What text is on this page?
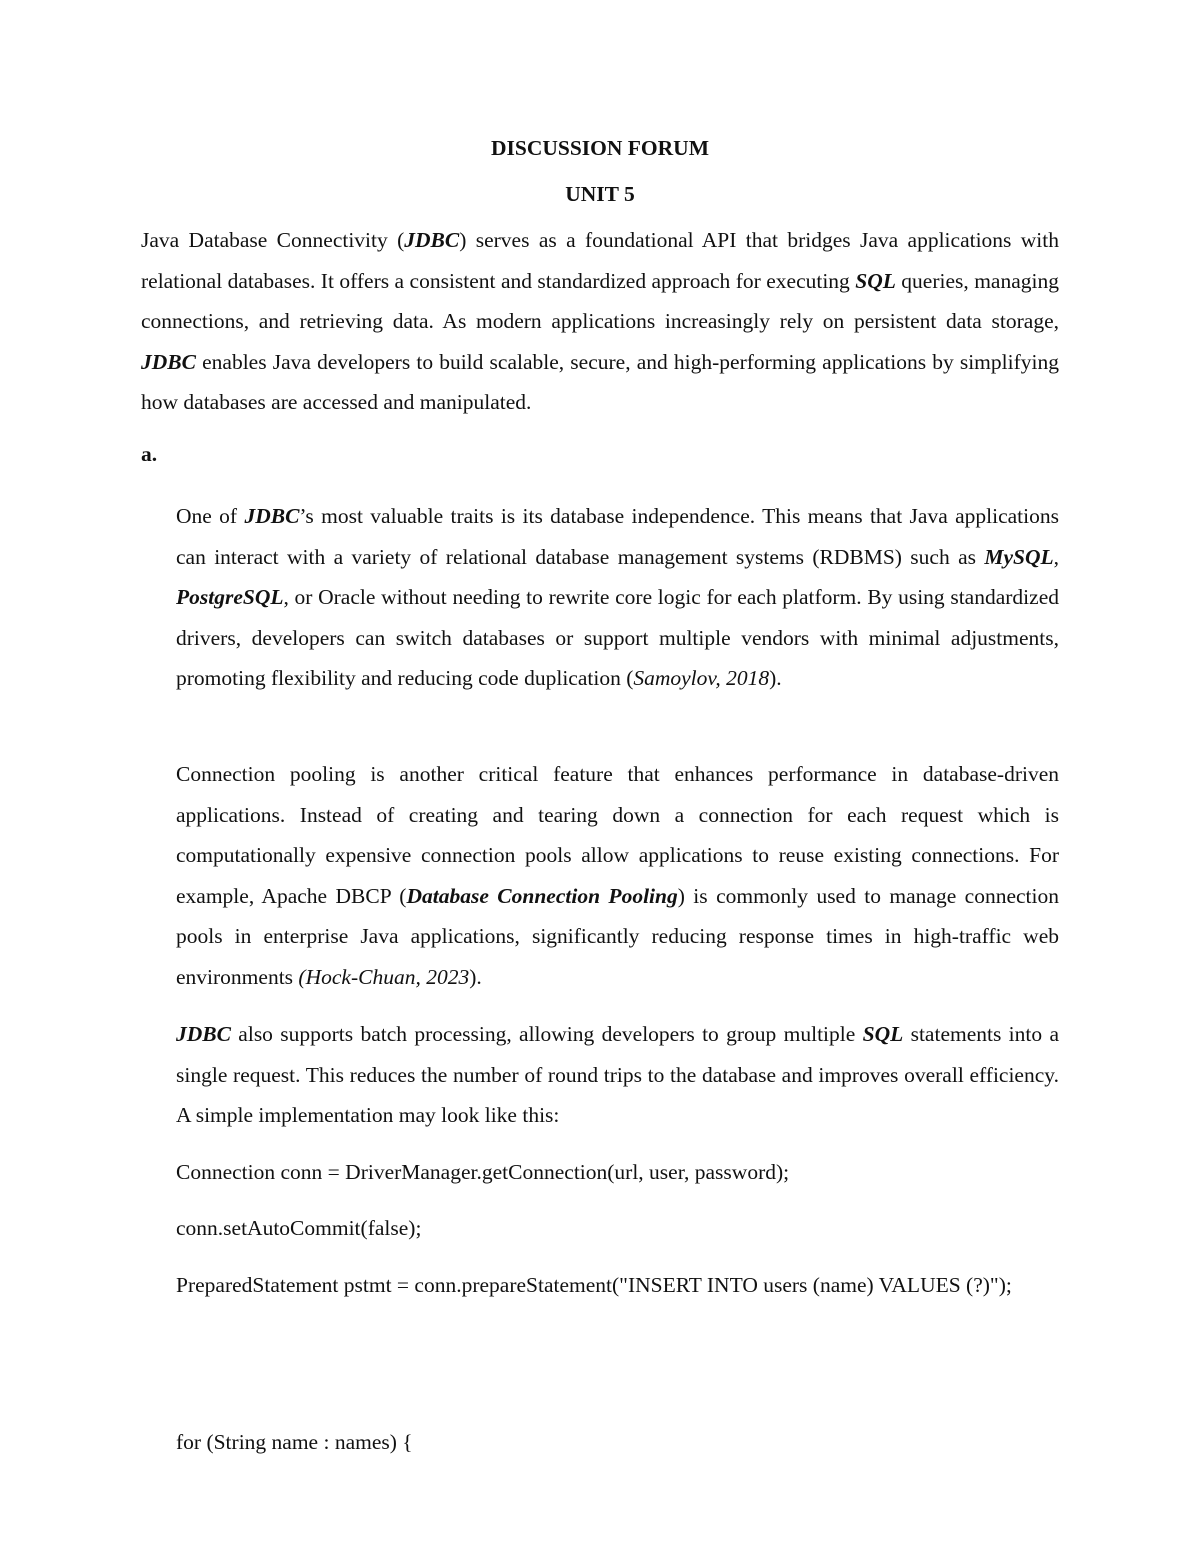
DISCUSSION FORUM
UNIT 5
Java Database Connectivity (JDBC) serves as a foundational API that bridges Java applications with relational databases. It offers a consistent and standardized approach for executing SQL queries, managing connections, and retrieving data. As modern applications increasingly rely on persistent data storage, JDBC enables Java developers to build scalable, secure, and high-performing applications by simplifying how databases are accessed and manipulated.
a.
One of JDBC’s most valuable traits is its database independence. This means that Java applications can interact with a variety of relational database management systems (RDBMS) such as MySQL, PostgreSQL, or Oracle without needing to rewrite core logic for each platform. By using standardized drivers, developers can switch databases or support multiple vendors with minimal adjustments, promoting flexibility and reducing code duplication (Samoylov, 2018).
Connection pooling is another critical feature that enhances performance in database-driven applications. Instead of creating and tearing down a connection for each request which is computationally expensive connection pools allow applications to reuse existing connections. For example, Apache DBCP (Database Connection Pooling) is commonly used to manage connection pools in enterprise Java applications, significantly reducing response times in high-traffic web environments (Hock-Chuan, 2023).
JDBC also supports batch processing, allowing developers to group multiple SQL statements into a single request. This reduces the number of round trips to the database and improves overall efficiency. A simple implementation may look like this:
Connection conn = DriverManager.getConnection(url, user, password);
conn.setAutoCommit(false);
PreparedStatement pstmt = conn.prepareStatement("INSERT INTO users (name) VALUES (?)");
for (String name : names) {
